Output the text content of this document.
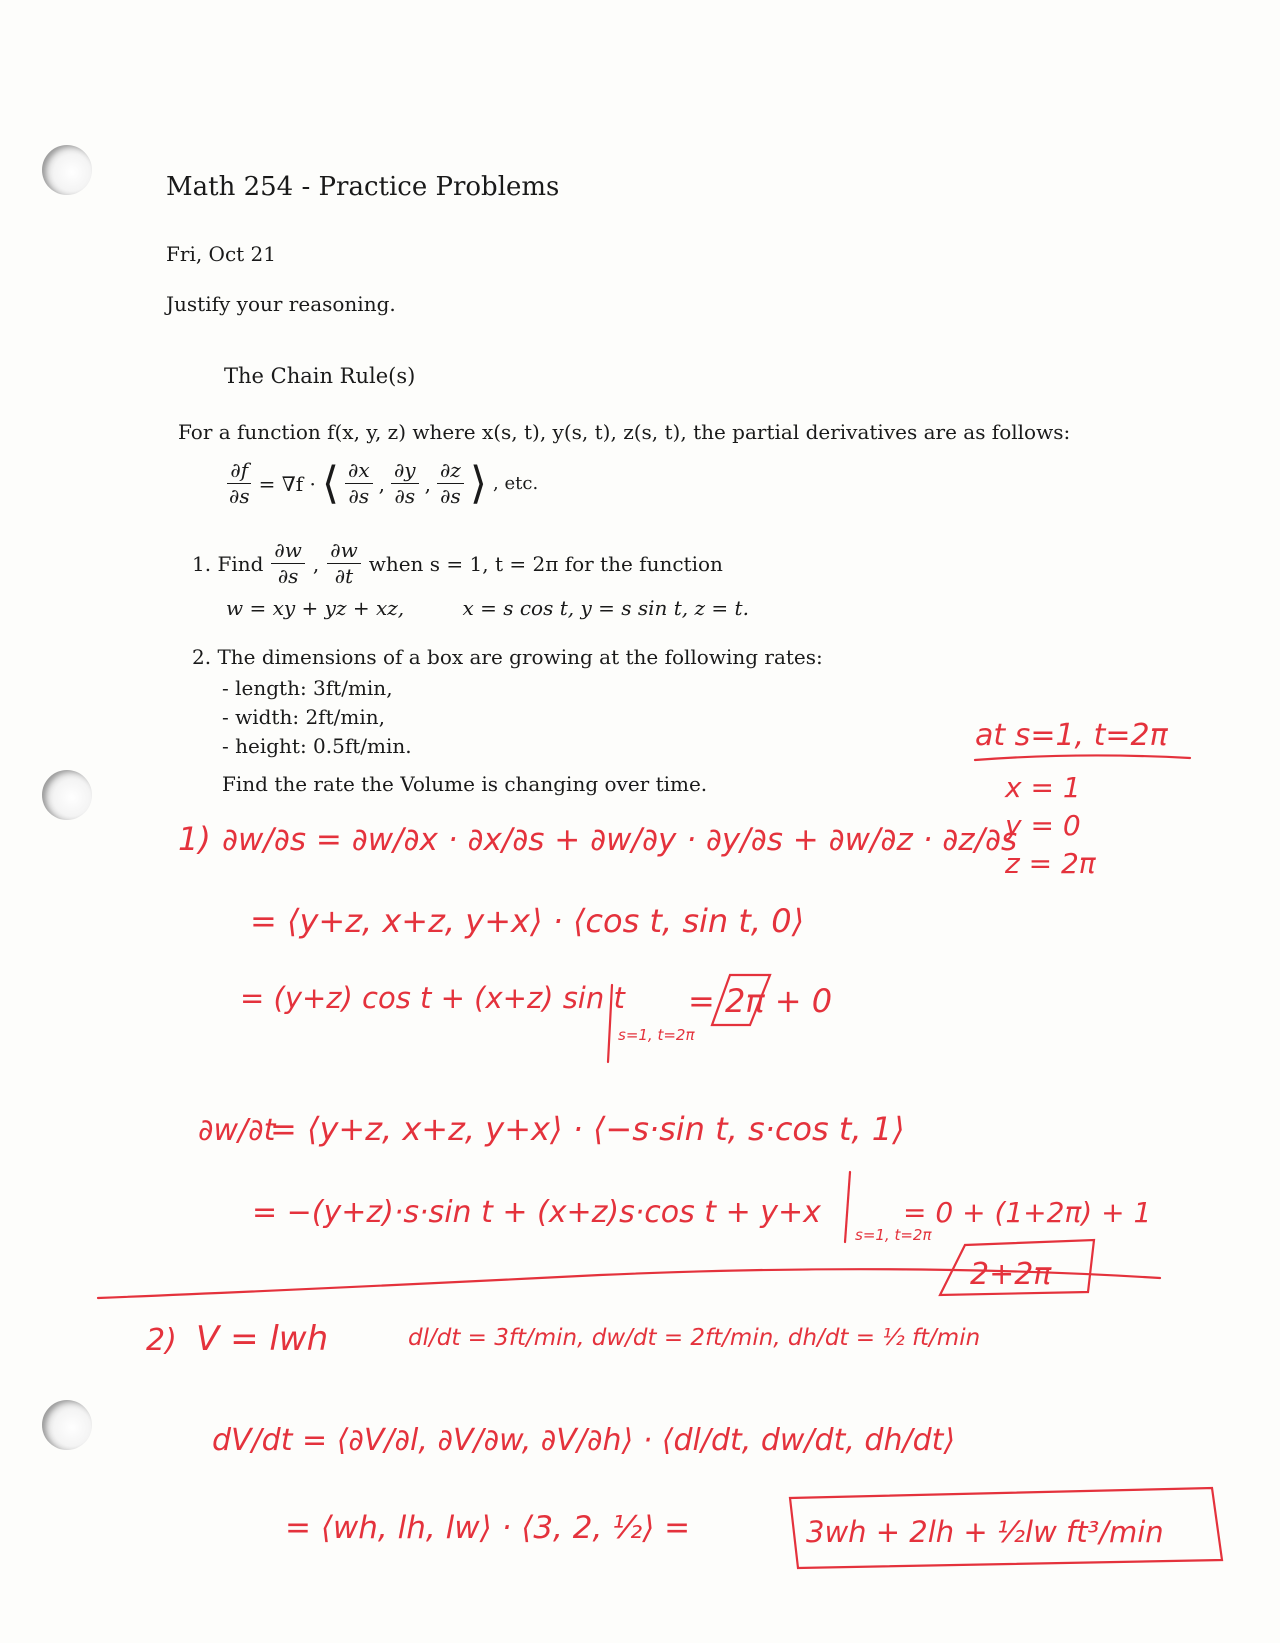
Math 254 - Practice Problems
Fri, Oct 21
Justify your reasoning.
The Chain Rule(s)
For a function f(x, y, z) where x(s, t), y(s, t), z(s, t), the partial derivatives are as follows:
$\frac{\partial f}{\partial s} = \nabla f$ · ⟨ $\frac{\partial x}{\partial s}$ , $\frac{\partial y}{\partial s}$ , $\frac{\partial z}{\partial s}$ ⟩ , etc.
1. Find $\frac{\partial w}{\partial s}$ , $\frac{\partial w}{\partial t}$ when s = 1, t = 2π for the function
w = xy + yz + xz,	x = s cos t, y = s sin t, z = t.
2. The dimensions of a box are growing at the following rates:
- length: 3ft/min,
- width: 2ft/min,
- height: 0.5ft/min.
Find the rate the Volume is changing over time.
at s=1, t=2π
x = 1
y = 0
z = 2π
1) ∂w/∂s = ∂w/∂x · ∂x/∂s + ∂w/∂y · ∂y/∂s + ∂w/∂z · ∂z/∂s
= ⟨y+z, x+z, y+x⟩ · ⟨cos t, sin t, 0⟩
= (y+z) cos t + (x+z) sin t
s=1, t=2π
= 2π + 0
∂w/∂t
= ⟨y+z, x+z, y+x⟩ · ⟨−s·sin t, s·cos t, 1⟩
= −(y+z)·s·sin t + (x+z)s·cos t + y+x
s=1, t=2π
= 0 + (1+2π) + 1
2+2π
2) V = lwh	dl/dt = 3ft/min, dw/dt = 2ft/min, dh/dt = ½ ft/min
dV/dt = ⟨∂V/∂l, ∂V/∂w, ∂V/∂h⟩ · ⟨dl/dt, dw/dt, dh/dt⟩
= ⟨wh, lh, lw⟩ · ⟨3, 2, ½⟩ =	3wh + 2lh + ½lw ft³/min
